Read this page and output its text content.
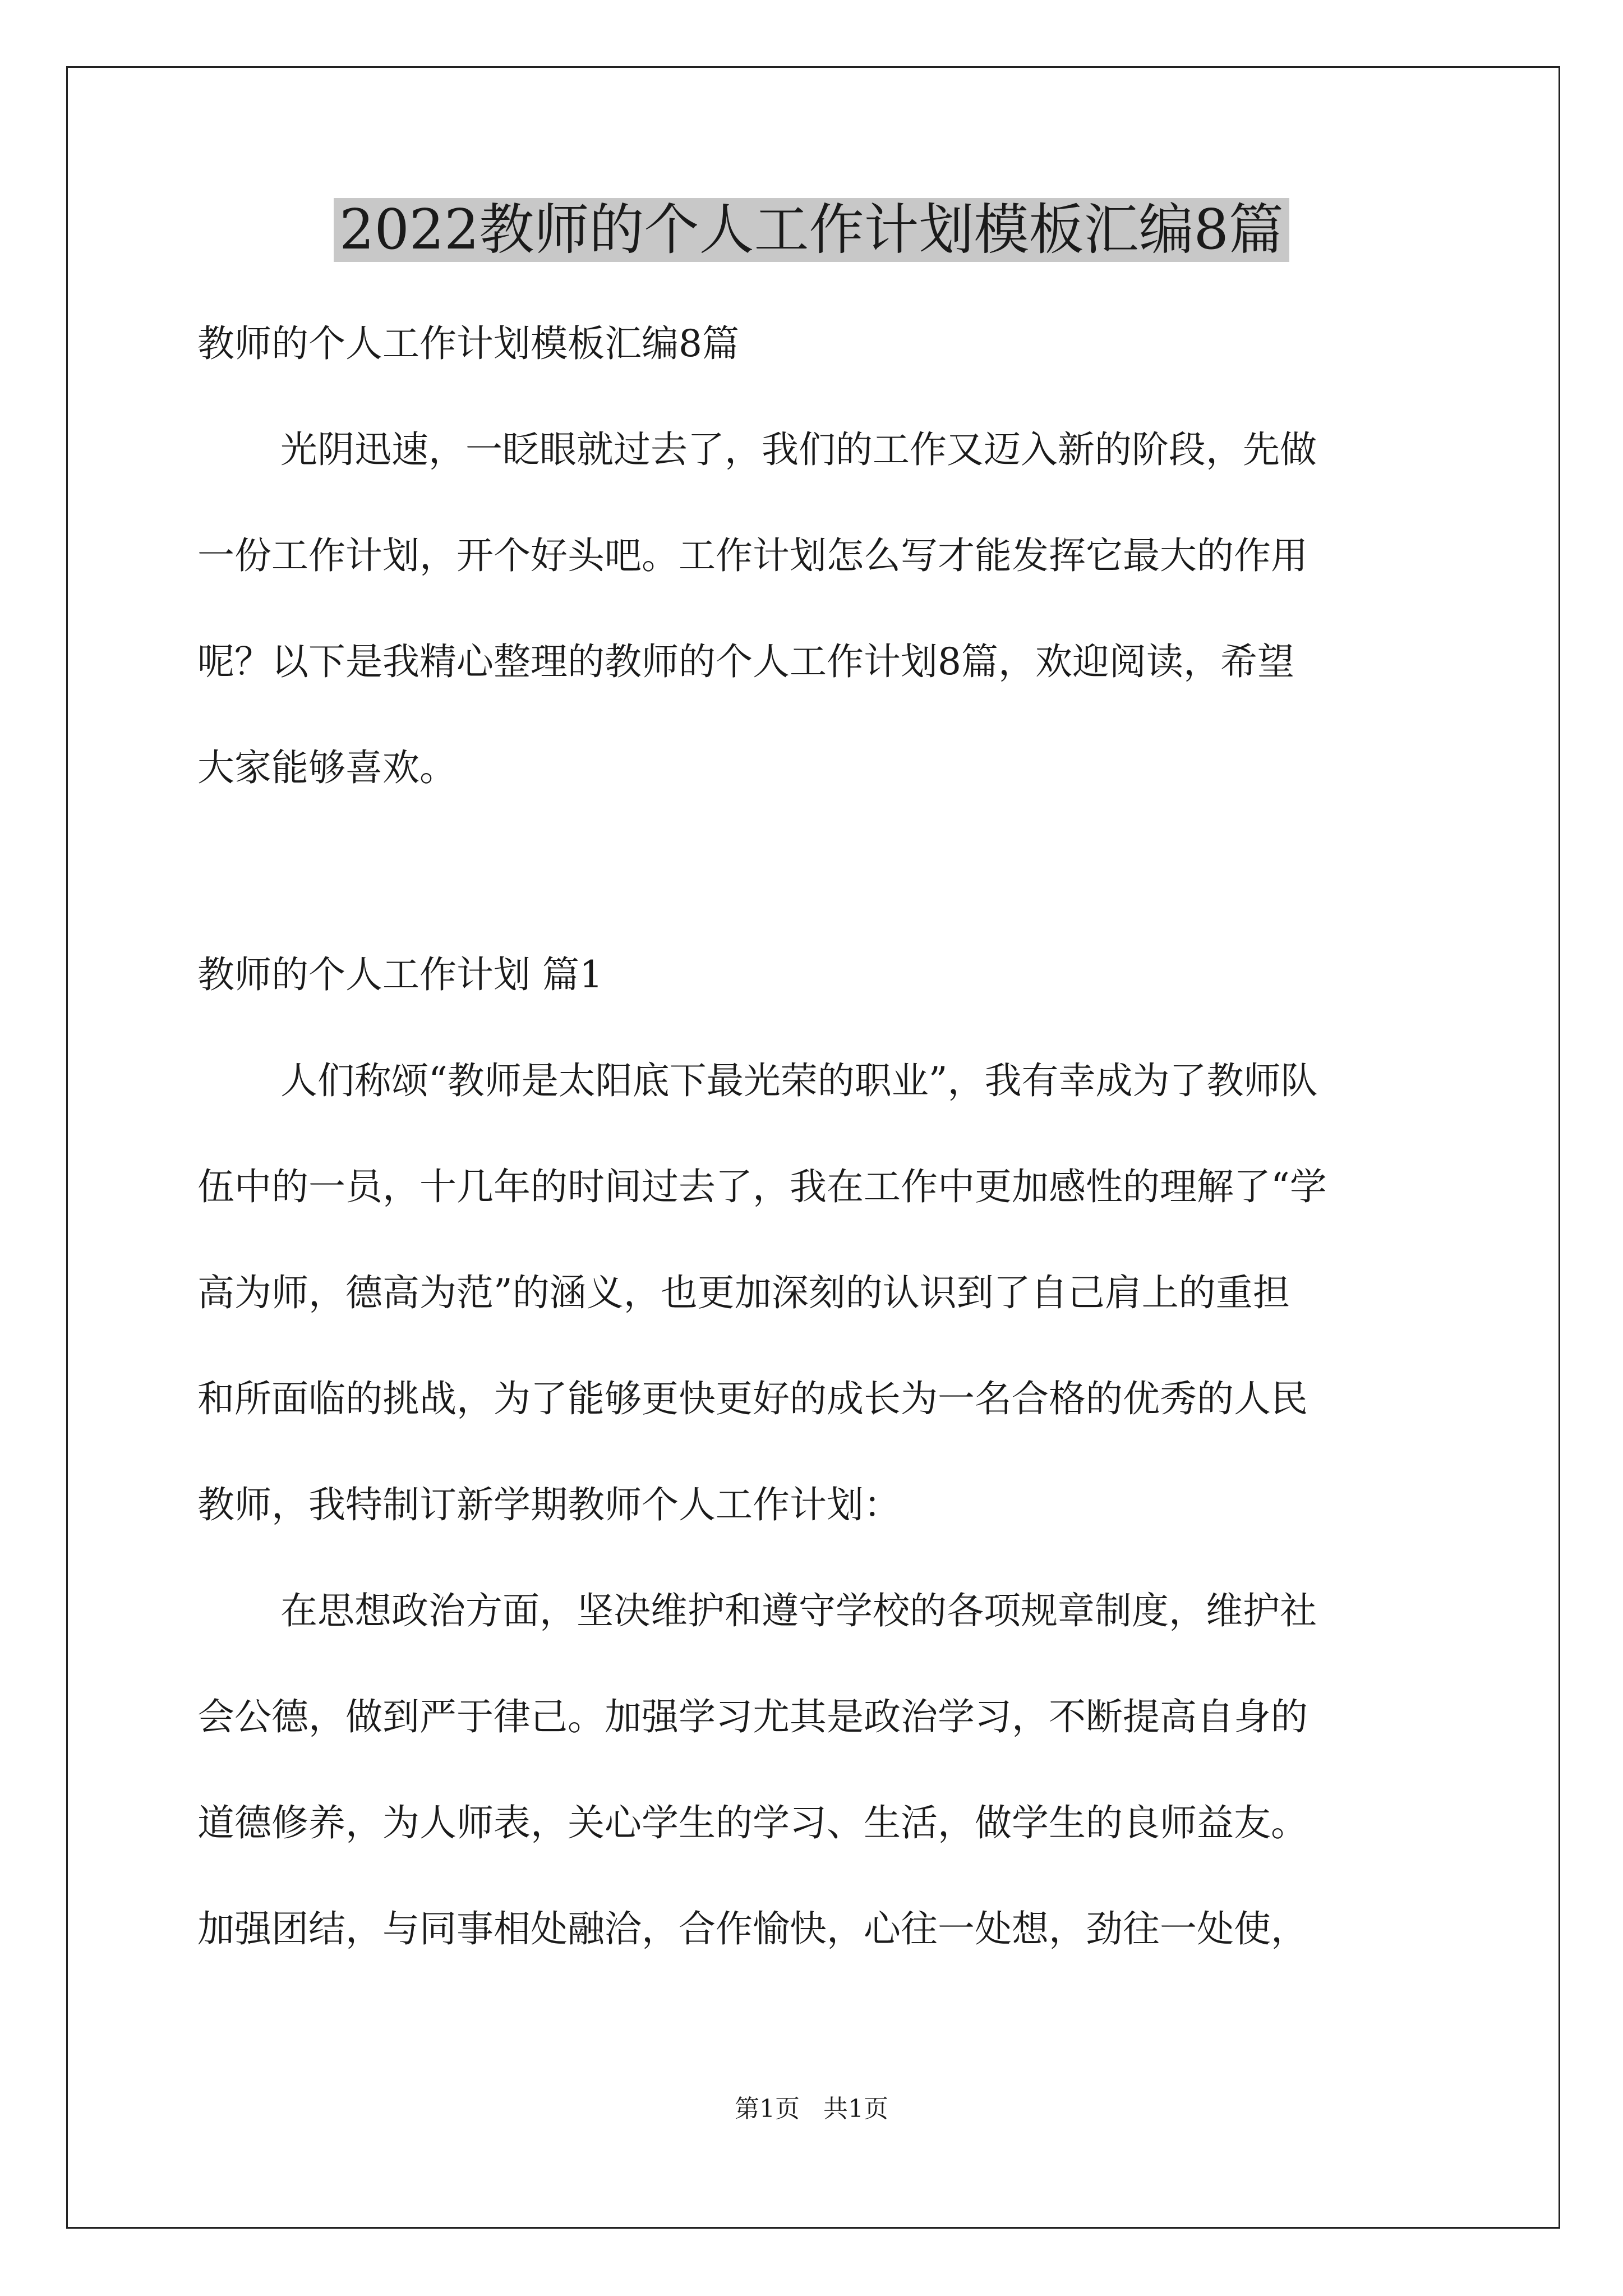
2022教师的个人工作计划模板汇编8篇
教师的个人工作计划模板汇编8篇
光阴迅速，一眨眼就过去了，我们的工作又迈入新的阶段，先做
一份工作计划，开个好头吧。工作计划怎么写才能发挥它最大的作用
呢？以下是我精心整理的教师的个人工作计划8篇，欢迎阅读，希望
大家能够喜欢。
教师的个人工作计划 篇1
人们称颂“教师是太阳底下最光荣的职业”，我有幸成为了教师队
伍中的一员，十几年的时间过去了，我在工作中更加感性的理解了“学
高为师，德高为范”的涵义，也更加深刻的认识到了自己肩上的重担
和所面临的挑战，为了能够更快更好的成长为一名合格的优秀的人民
教师，我特制订新学期教师个人工作计划：
在思想政治方面，坚决维护和遵守学校的各项规章制度，维护社
会公德，做到严于律己。加强学习尤其是政治学习，不断提高自身的
道德修养，为人师表，关心学生的学习、生活，做学生的良师益友。
加强团结，与同事相处融洽，合作愉快，心往一处想，劲往一处使，
第1页   共1页
